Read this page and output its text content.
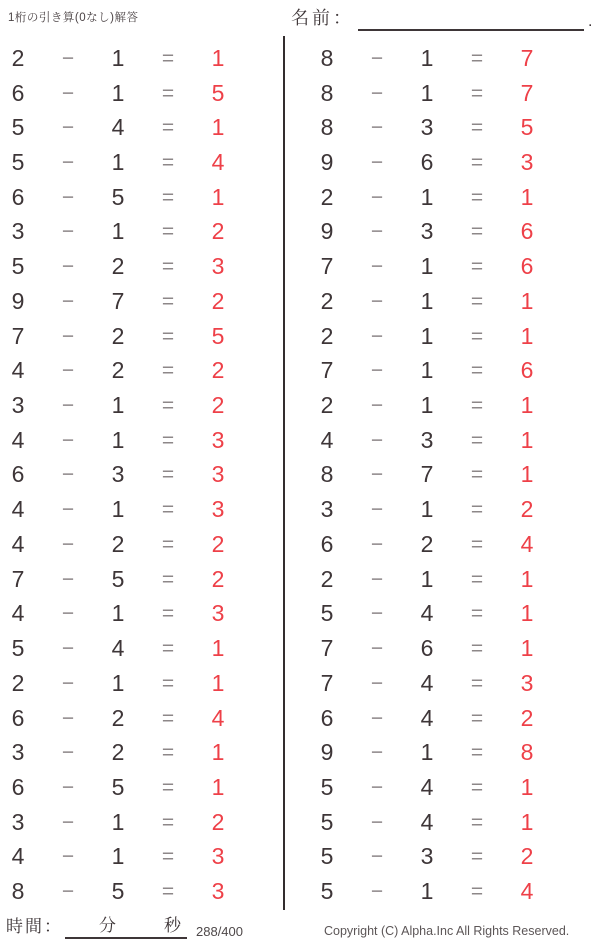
1桁の引き算(0なし)解答	名前：	.
2	−	1	=	1
6	−	1	=	5
5	−	4	=	1
5	−	1	=	4
6	−	5	=	1
3	−	1	=	2
5	−	2	=	3
9	−	7	=	2
7	−	2	=	5
4	−	2	=	2
3	−	1	=	2
4	−	1	=	3
6	−	3	=	3
4	−	1	=	3
4	−	2	=	2
7	−	5	=	2
4	−	1	=	3
5	−	4	=	1
2	−	1	=	1
6	−	2	=	4
3	−	2	=	1
6	−	5	=	1
3	−	1	=	2
4	−	1	=	3
8	−	5	=	3
8	−	1	=	7
8	−	1	=	7
8	−	3	=	5
9	−	6	=	3
2	−	1	=	1
9	−	3	=	6
7	−	1	=	6
2	−	1	=	1
2	−	1	=	1
7	−	1	=	6
2	−	1	=	1
4	−	3	=	1
8	−	7	=	1
3	−	1	=	2
6	−	2	=	4
2	−	1	=	1
5	−	4	=	1
7	−	6	=	1
7	−	4	=	3
6	−	4	=	2
9	−	1	=	8
5	−	4	=	1
5	−	4	=	1
5	−	3	=	2
5	−	1	=	4
時間： 分	秒 288/400	Copyright (C) Alpha.Inc All Rights Reserved.
